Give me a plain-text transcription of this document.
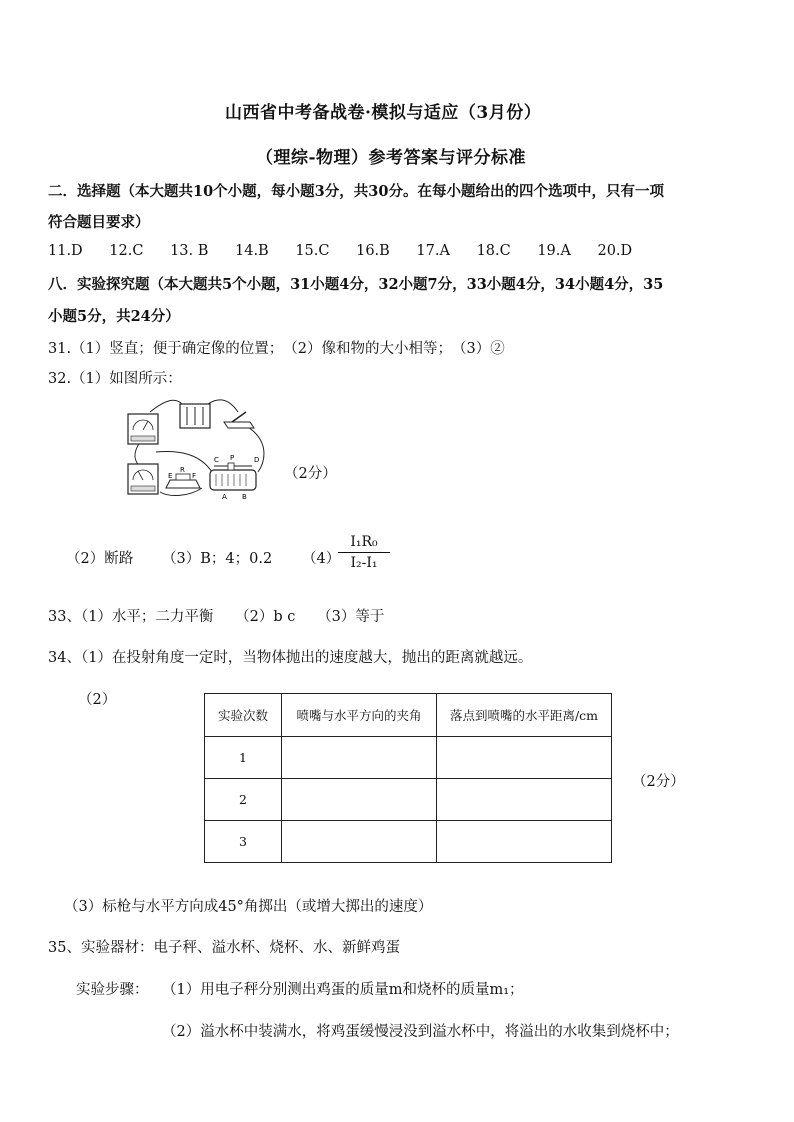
山西省中考备战卷·模拟与适应（3月份）
（理综-物理）参考答案与评分标准
二．选择题（本大题共10个小题，每小题3分，共30分。在每小题给出的四个选项中，只有一项
符合题目要求）
11.D 12.C 13. B 14.B 15.C 16.B 17.A 18.C 19.A 20.D
八．实验探究题（本大题共5个小题，31小题4分，32小题7分，33小题4分，34小题4分，35
小题5分，共24分）
31.（1）竖直；便于确定像的位置；　（2）像和物的大小相等；　（3）②
32.（1）如图所示：
R
E	F
C P	D
A B
（2分）
（2）断路 （3）B；4；0.2 （4）
I₁R₀
I₂-I₁
33、（1）水平；二力平衡　　（2）b c　　（3）等于
34、（1）在投射角度一定时，当物体抛出的速度越大，抛出的距离就越远。
（2）
实验次数	喷嘴与水平方向的夹角	落点到喷嘴的水平距离/cm
1		
2		
3		
（2分）
（3）标枪与水平方向成45°角掷出（或增大掷出的速度）
35、实验器材：电子秤、溢水杯、烧杯、水、新鲜鸡蛋
实验步骤： （1）用电子秤分别测出鸡蛋的质量m和烧杯的质量m₁；
（2）溢水杯中装满水，将鸡蛋缓慢浸没到溢水杯中，将溢出的水收集到烧杯中；
